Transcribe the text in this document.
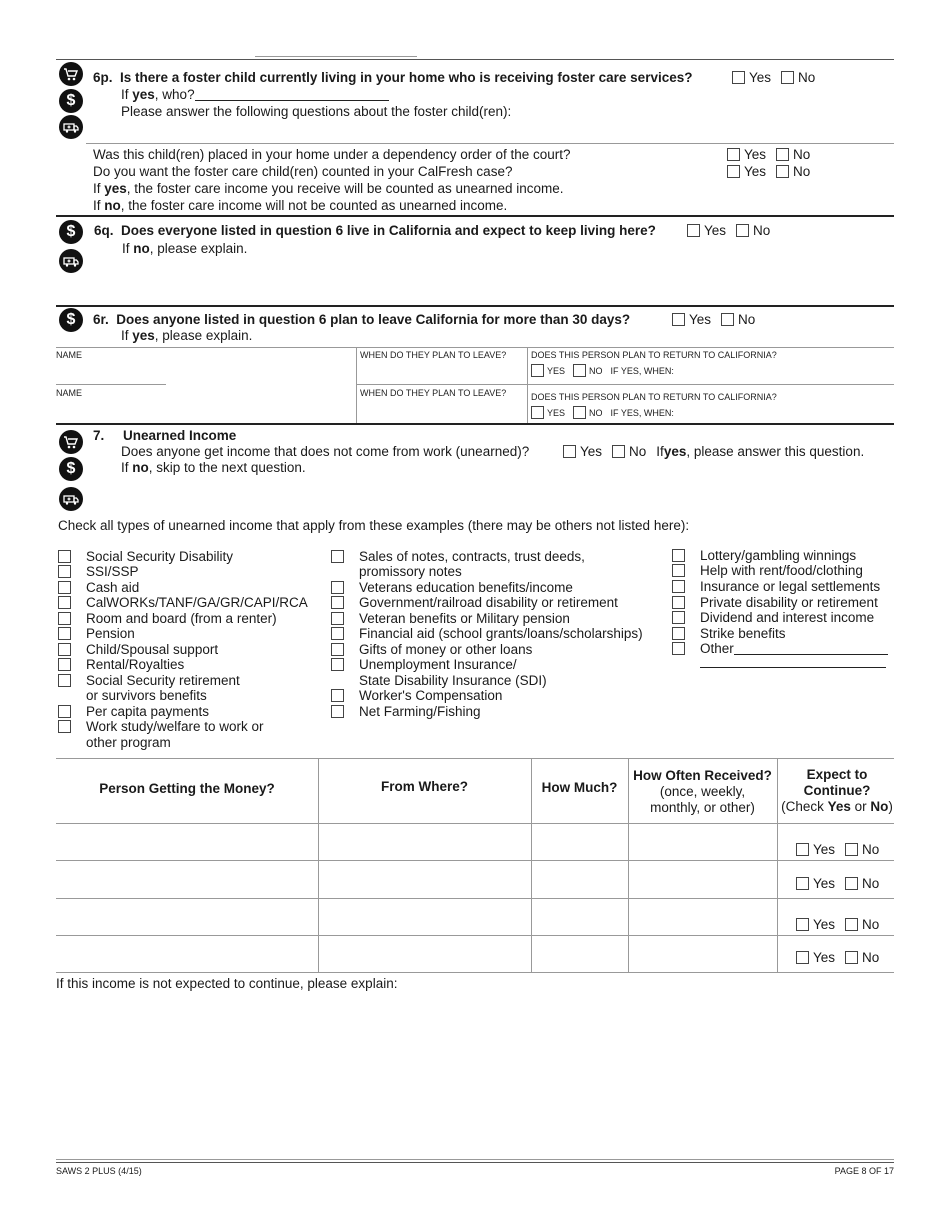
$
6p. Is there a foster child currently living in your home who is receiving foster care services?	Yes No
If yes, who?
Please answer the following questions about the foster child(ren):
Was this child(ren) placed in your home under a dependency order of the court?	Yes No
Do you want the foster care child(ren) counted in your CalFresh case?	Yes No
If yes, the foster care income you receive will be counted as unearned income.
If no, the foster care income will not be counted as unearned income.
$	6q. Does everyone listed in question 6 live in California and expect to keep living here?	Yes No
If no, please explain.
$	6r. Does anyone listed in question 6 plan to leave California for more than 30 days?	Yes No
If yes, please explain.
NAME	WHEN DO THEY PLAN TO LEAVE?	DOES THIS PERSON PLAN TO RETURN TO CALIFORNIA?
YES	NO IF YES, WHEN:
NAME	WHEN DO THEY PLAN TO LEAVE?	DOES THIS PERSON PLAN TO RETURN TO CALIFORNIA?
YES	NO IF YES, WHEN:
$
7. Unearned Income
Does anyone get income that does not come from work (unearned)?	Yes No If yes , please answer this question.
If no, skip to the next question.
Check all types of unearned income that apply from these examples (there may be others not listed here):
Social Security Disability
SSI/SSP
Cash aid
CalWORKs/TANF/GA/GR/CAPI/RCA
Room and board (from a renter)
Pension
Child/Spousal support
Rental/Royalties
Social Security retirement
or survivors benefits
Per capita payments
Work study/welfare to work or
other program
Sales of notes, contracts, trust deeds,
promissory notes
Veterans education benefits/income
Government/railroad disability or retirement
Veteran benefits or Military pension
Financial aid (school grants/loans/scholarships)
Gifts of money or other loans
Unemployment Insurance/
State Disability Insurance (SDI)
Worker's Compensation
Net Farming/Fishing
Lottery/gambling winnings
Help with rent/food/clothing
Insurance or legal settlements
Private disability or retirement
Dividend and interest income
Strike benefits
Other
Person Getting the Money?	From Where?	How Much?
How Often Received?
(once, weekly,
monthly, or other)
Expect to
Continue?
(Check Yes or No)
Yes No
Yes No
Yes No
Yes No
If this income is not expected to continue, please explain:
SAWS 2 PLUS (4/15)	PAGE 8 OF 17
